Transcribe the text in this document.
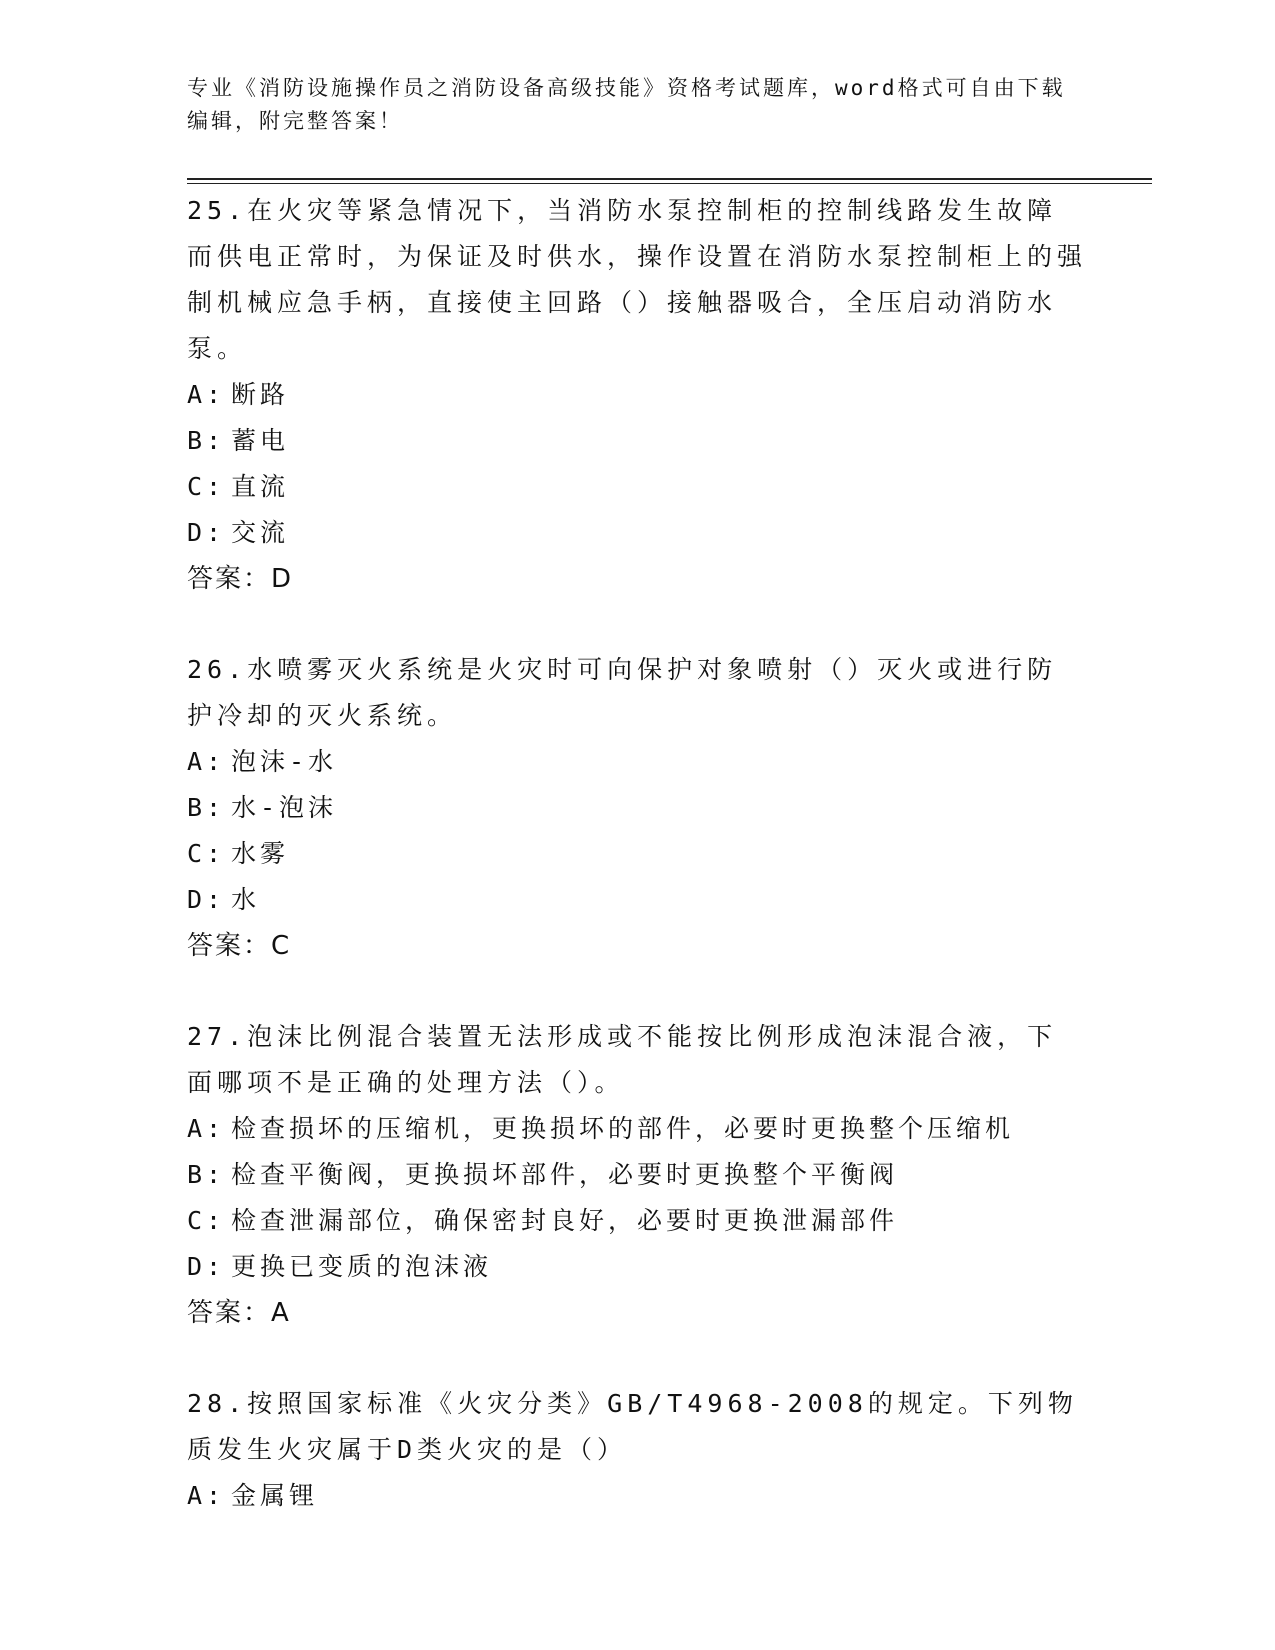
专业《消防设施操作员之消防设备高级技能》资格考试题库，word格式可自由下载编辑，附完整答案！

25.在火灾等紧急情况下，当消防水泵控制柜的控制线路发生故障而供电正常时，为保证及时供水，操作设置在消防水泵控制柜上的强制机械应急手柄，直接使主回路（）接触器吸合，全压启动消防水泵。

A: 断路
B: 蓄电
C: 直流
D: 交流

答案：D

26.水喷雾灭火系统是火灾时可向保护对象喷射（）灭火或进行防护冷却的灭火系统。

A: 泡沫-水
B: 水-泡沫
C: 水雾
D: 水

答案：C

27.泡沫比例混合装置无法形成或不能按比例形成泡沫混合液，下面哪项不是正确的处理方法（）。

A: 检查损坏的压缩机，更换损坏的部件，必要时更换整个压缩机
B: 检查平衡阀，更换损坏部件，必要时更换整个平衡阀
C: 检查泄漏部位，确保密封良好，必要时更换泄漏部件
D: 更换已变质的泡沫液

答案：A

28.按照国家标准《火灾分类》GB/T4968-2008的规定。下列物质发生火灾属于D类火灾的是（）

A: 金属锂
